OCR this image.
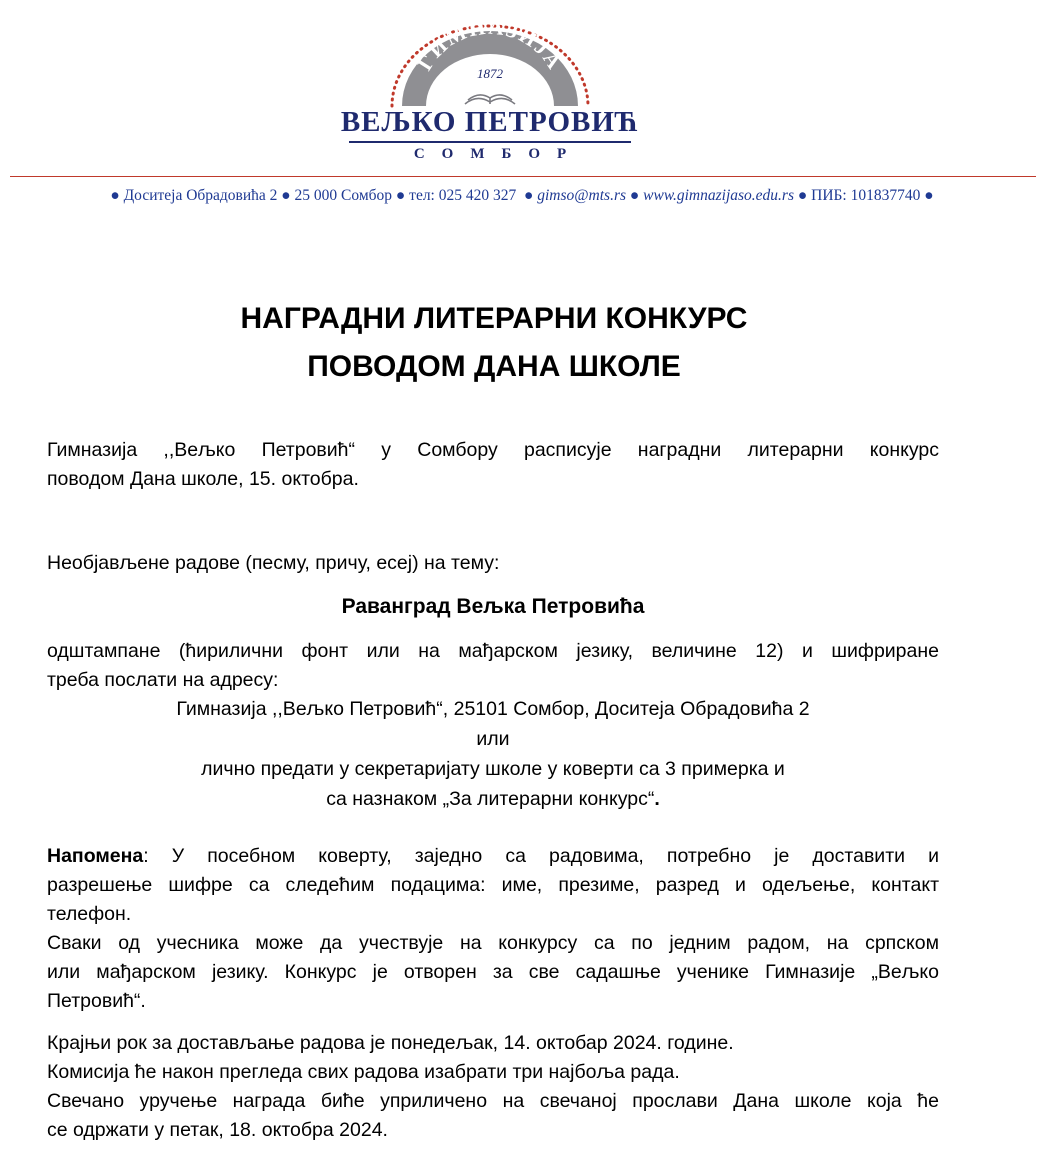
ГИМНАЗИЈА
1872
ВЕЉКО ПЕТРОВИЋ
СОМБОР
● Доситеја Обрадовића 2 ● 25 000 Сомбор ● тел: 025 420 327 ● gimso@mts.rs ● www.gimnazijaso.edu.rs ● ПИБ: 101837740 ●
НАГРАДНИ ЛИТЕРАРНИ КОНКУРС
ПОВОДОМ ДАНА ШКОЛЕ
Гимназија ,,Вељко Петровић“ у Сомбору расписује наградни литерарни конкурс
поводом Дана школе, 15. oктобра.
Необјављене радове (песму, причу, есеј) на тему:
Раванград Вељка Петровића
одштампане (ћирилични фонт или на мађарском језику, величине 12) и шифриране
треба послати на адресу:
Гимназија ,,Вељко Петровић“, 25101 Сомбор, Доситеја Обрадовића 2
или
лично предати у секретаријату школе у коверти са 3 примерка и
са назнаком „За литерарни конкурс“.
Напомена: У посебном коверту, заједно са радовима, потребно је доставити и
разрешење шифре са следећим подацима: име, презиме, разред и одељење, контакт
телефон.
Сваки од учесника може да учествује на конкурсу са по једним радом, на српском
или мађарском језику. Конкурс је отворен за све садашње ученике Гимназије „Вељко
Петровић“.
Крајњи рок за достављање радова је понедељак, 14. oктобар 2024. године.
Комисија ће након прегледа свих радова изабрати три најбоља рада.
Свечано уручење награда биће уприличено на свечаној прослави Дана школе која ће
се одржати у петак, 18. октобра 2024.
